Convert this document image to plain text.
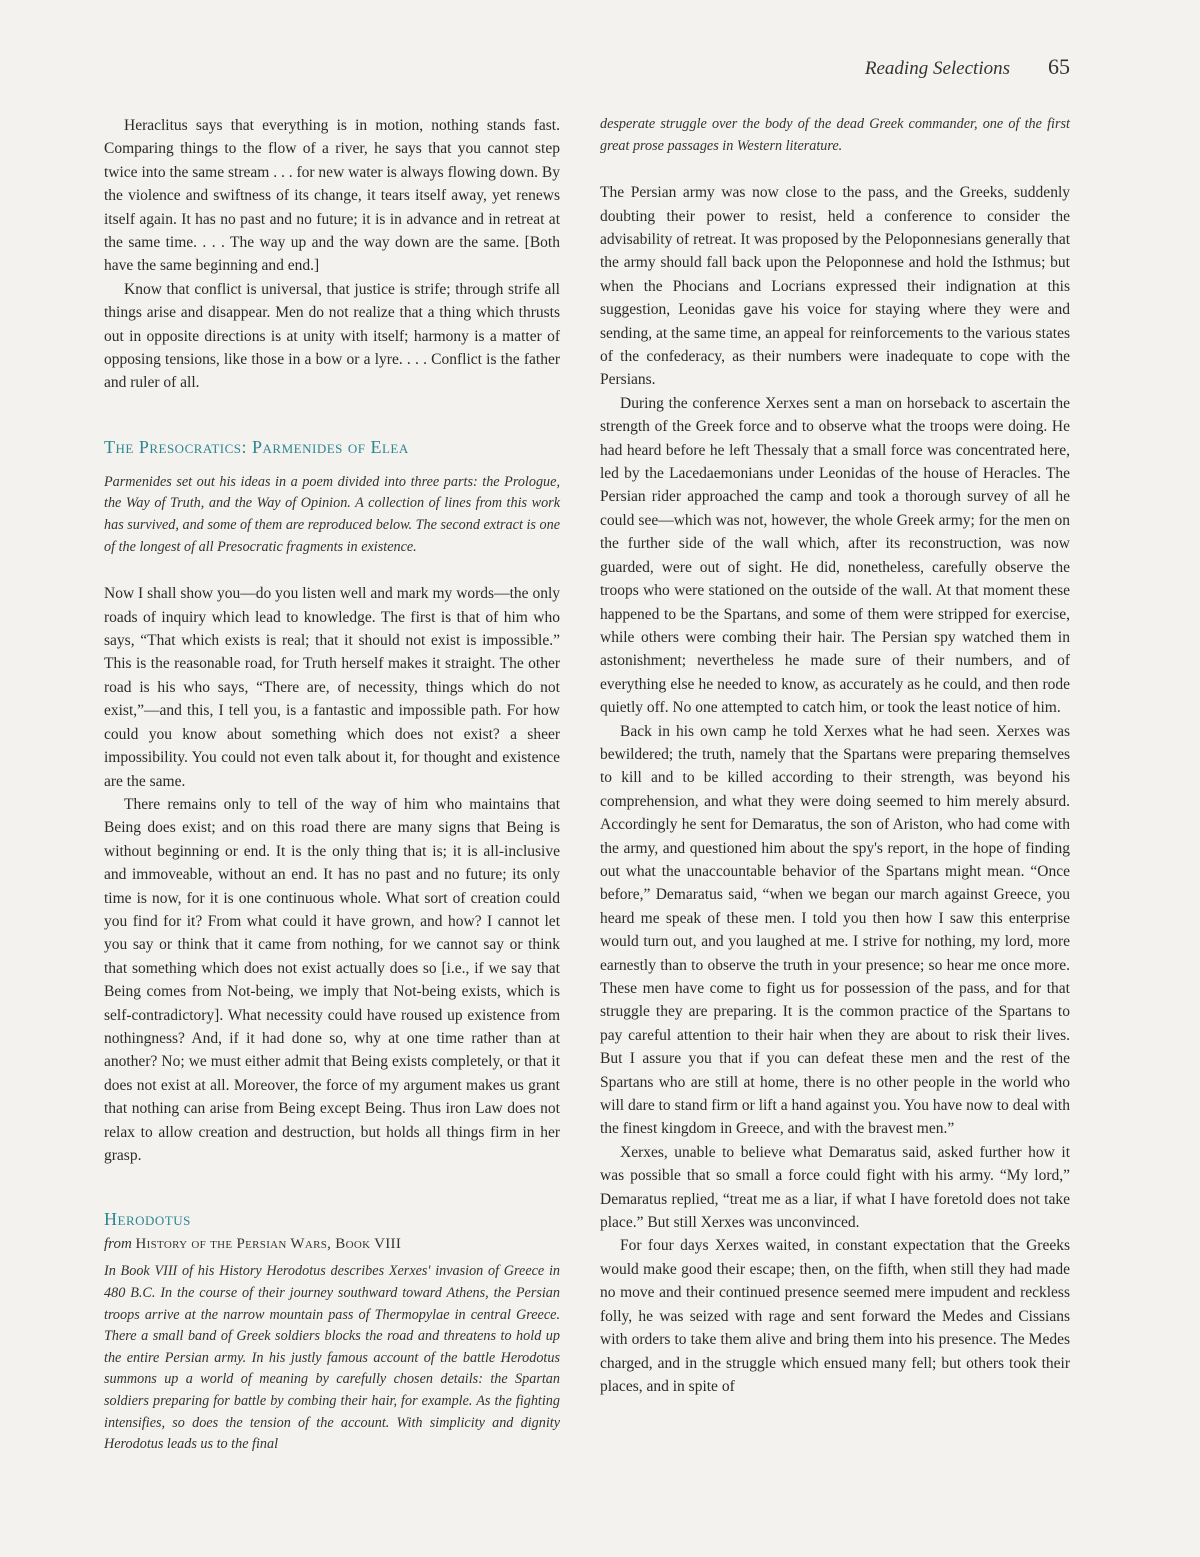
Reading Selections 65

Heraclitus says that everything is in motion, nothing stands fast. Comparing things to the flow of a river, he says that you cannot step twice into the same stream . . . for new water is always flowing down. By the violence and swiftness of its change, it tears itself away, yet renews itself again. It has no past and no future; it is in advance and in retreat at the same time. . . . The way up and the way down are the same. [Both have the same beginning and end.]

Know that conflict is universal, that justice is strife; through strife all things arise and disappear. Men do not realize that a thing which thrusts out in opposite directions is at unity with itself; harmony is a matter of opposing tensions, like those in a bow or a lyre. . . . Conflict is the father and ruler of all.

The Presocratics: Parmenides of Elea

Parmenides set out his ideas in a poem divided into three parts: the Prologue, the Way of Truth, and the Way of Opinion. A collection of lines from this work has survived, and some of them are reproduced below. The second extract is one of the longest of all Presocratic fragments in existence.

Now I shall show you—do you listen well and mark my words—the only roads of inquiry which lead to knowledge. The first is that of him who says, “That which exists is real; that it should not exist is impossible.” This is the reasonable road, for Truth herself makes it straight. The other road is his who says, “There are, of necessity, things which do not exist,”—and this, I tell you, is a fantastic and impossible path. For how could you know about something which does not exist? a sheer impossibility. You could not even talk about it, for thought and existence are the same.

There remains only to tell of the way of him who maintains that Being does exist; and on this road there are many signs that Being is without beginning or end. It is the only thing that is; it is all-inclusive and immoveable, without an end. It has no past and no future; its only time is now, for it is one continuous whole. What sort of creation could you find for it? From what could it have grown, and how? I cannot let you say or think that it came from nothing, for we cannot say or think that something which does not exist actually does so [i.e., if we say that Being comes from Not-being, we imply that Not-being exists, which is self-contradictory]. What necessity could have roused up existence from nothingness? And, if it had done so, why at one time rather than at another? No; we must either admit that Being exists completely, or that it does not exist at all. Moreover, the force of my argument makes us grant that nothing can arise from Being except Being. Thus iron Law does not relax to allow creation and destruction, but holds all things firm in her grasp.

Herodotus

from History of the Persian Wars, Book VIII

In Book VIII of his History Herodotus describes Xerxes' invasion of Greece in 480 B.C. In the course of their journey southward toward Athens, the Persian troops arrive at the narrow mountain pass of Thermopylae in central Greece. There a small band of Greek soldiers blocks the road and threatens to hold up the entire Persian army. In his justly famous account of the battle Herodotus summons up a world of meaning by carefully chosen details: the Spartan soldiers preparing for battle by combing their hair, for example. As the fighting intensifies, so does the tension of the account. With simplicity and dignity Herodotus leads us to the final

desperate struggle over the body of the dead Greek commander, one of the first great prose passages in Western literature.

The Persian army was now close to the pass, and the Greeks, suddenly doubting their power to resist, held a conference to consider the advisability of retreat. It was proposed by the Peloponnesians generally that the army should fall back upon the Peloponnese and hold the Isthmus; but when the Phocians and Locrians expressed their indignation at this suggestion, Leonidas gave his voice for staying where they were and sending, at the same time, an appeal for reinforcements to the various states of the confederacy, as their numbers were inadequate to cope with the Persians.

During the conference Xerxes sent a man on horseback to ascertain the strength of the Greek force and to observe what the troops were doing. He had heard before he left Thessaly that a small force was concentrated here, led by the Lacedaemonians under Leonidas of the house of Heracles. The Persian rider approached the camp and took a thorough survey of all he could see—which was not, however, the whole Greek army; for the men on the further side of the wall which, after its reconstruction, was now guarded, were out of sight. He did, nonetheless, carefully observe the troops who were stationed on the outside of the wall. At that moment these happened to be the Spartans, and some of them were stripped for exercise, while others were combing their hair. The Persian spy watched them in astonishment; nevertheless he made sure of their numbers, and of everything else he needed to know, as accurately as he could, and then rode quietly off. No one attempted to catch him, or took the least notice of him.

Back in his own camp he told Xerxes what he had seen. Xerxes was bewildered; the truth, namely that the Spartans were preparing themselves to kill and to be killed according to their strength, was beyond his comprehension, and what they were doing seemed to him merely absurd. Accordingly he sent for Demaratus, the son of Ariston, who had come with the army, and questioned him about the spy's report, in the hope of finding out what the unaccountable behavior of the Spartans might mean. “Once before,” Demaratus said, “when we began our march against Greece, you heard me speak of these men. I told you then how I saw this enterprise would turn out, and you laughed at me. I strive for nothing, my lord, more earnestly than to observe the truth in your presence; so hear me once more. These men have come to fight us for possession of the pass, and for that struggle they are preparing. It is the common practice of the Spartans to pay careful attention to their hair when they are about to risk their lives. But I assure you that if you can defeat these men and the rest of the Spartans who are still at home, there is no other people in the world who will dare to stand firm or lift a hand against you. You have now to deal with the finest kingdom in Greece, and with the bravest men.”

Xerxes, unable to believe what Demaratus said, asked further how it was possible that so small a force could fight with his army. “My lord,” Demaratus replied, “treat me as a liar, if what I have foretold does not take place.” But still Xerxes was unconvinced.

For four days Xerxes waited, in constant expectation that the Greeks would make good their escape; then, on the fifth, when still they had made no move and their continued presence seemed mere impudent and reckless folly, he was seized with rage and sent forward the Medes and Cissians with orders to take them alive and bring them into his presence. The Medes charged, and in the struggle which ensued many fell; but others took their places, and in spite of
